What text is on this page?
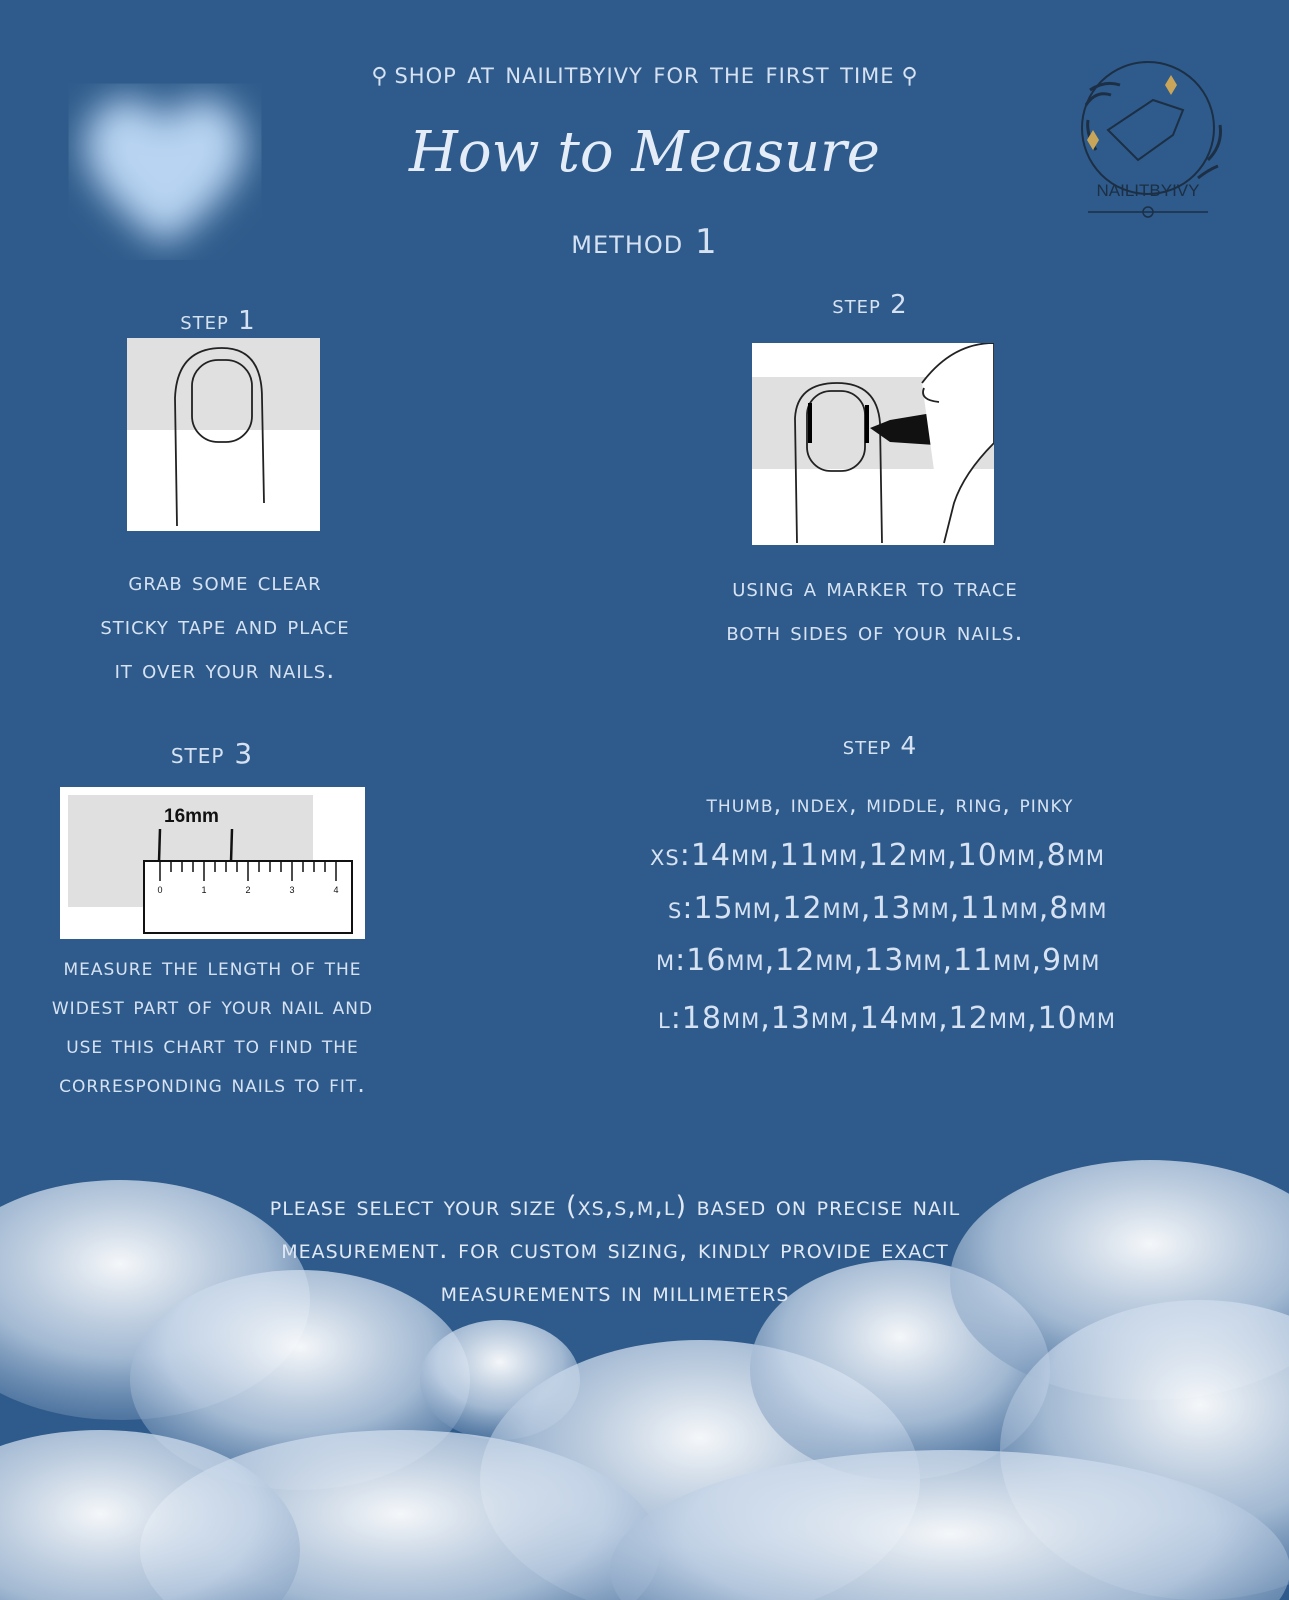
⚲ shop at nailitbyivy for the first time ⚲
How to Measure
method 1
NAILITBYIVY
step 1
grab some clear
sticky tape and place
it over your nails.
step 2
using a marker to trace
both sides of your nails.
step 3
16mm
0	1	2	3	4
measure the length of the
widest part of your nail and
use this chart to find the
corresponding nails to fit.
step 4
thumb, index, middle, ring, pinky
xs:14mm,11mm,12mm,10mm,8mm
s:15mm,12mm,13mm,11mm,8mm
m:16mm,12mm,13mm,11mm,9mm
l:18mm,13mm,14mm,12mm,10mm
please select your size (xs,s,m,l) based on precise nail
measurement. for custom sizing, kindly provide exact
measurements in millimeters
